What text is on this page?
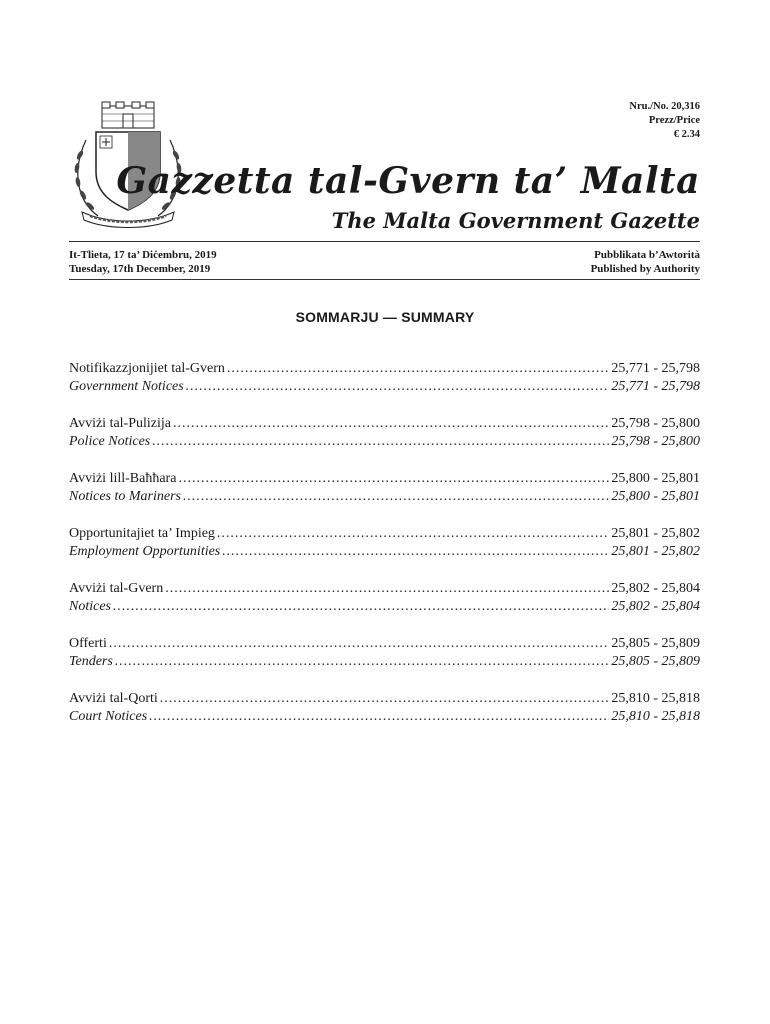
Nru./No. 20,316
Prezz/Price
€ 2.34
Gazzetta tal-Gvern ta’ Malta
The Malta Government Gazette
It-Tlieta, 17 ta’ Diċembru, 2019
Tuesday, 17th December, 2019
Pubblikata b’Awtorità
Published by Authority
SOMMARJU — SUMMARY
Notifikazzjonijiet tal-Gvern .....	25,771 - 25,798
Government Notices .....	25,771 - 25,798
Avviżi tal-Pulizija .....	25,798 - 25,800
Police Notices .....	25,798 - 25,800
Avviżi lill-Baħħara .....	25,800 - 25,801
Notices to Mariners .....	25,800 - 25,801
Opportunitajiet ta’ Impieg .....	25,801 - 25,802
Employment Opportunities .....	25,801 - 25,802
Avviżi tal-Gvern .....	25,802 - 25,804
Notices .....	25,802 - 25,804
Offerti .....	25,805 - 25,809
Tenders .....	25,805 - 25,809
Avviżi tal-Qorti .....	25,810 - 25,818
Court Notices .....	25,810 - 25,818
